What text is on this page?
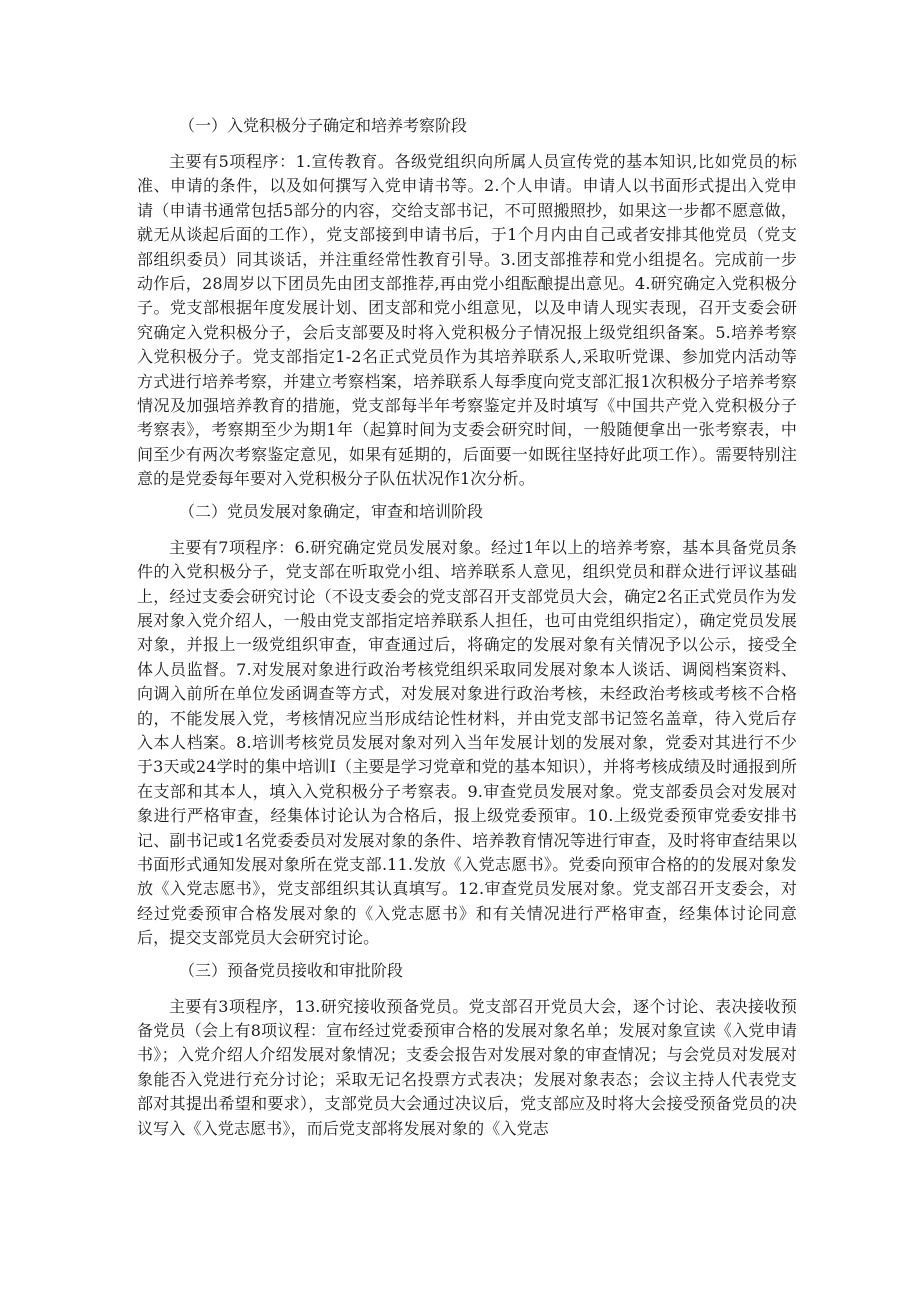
（一）入党积极分子确定和培养考察阶段

主要有5项程序：1.宣传教育。各级党组织向所属人员宣传党的基本知识,比如党员的标准、申请的条件，以及如何撰写入党申请书等。2.个人申请。申请人以书面形式提出入党申请（申请书通常包括5部分的内容，交给支部书记，不可照搬照抄，如果这一步都不愿意做，就无从谈起后面的工作），党支部接到申请书后，于1个月内由自己或者安排其他党员（党支部组织委员）同其谈话，并注重经常性教育引导。3.团支部推荐和党小组提名。完成前一步动作后，28周岁以下团员先由团支部推荐,再由党小组酝酿提出意见。4.研究确定入党积极分子。党支部根据年度发展计划、团支部和党小组意见，以及申请人现实表现，召开支委会研究确定入党积极分子，会后支部要及时将入党积极分子情况报上级党组织备案。5.培养考察入党积极分子。党支部指定1-2名正式党员作为其培养联系人,采取听党课、参加党内活动等方式进行培养考察，并建立考察档案，培养联系人每季度向党支部汇报1次积极分子培养考察情况及加强培养教育的措施，党支部每半年考察鉴定并及时填写《中国共产党入党积极分子考察表》，考察期至少为期1年（起算时间为支委会研究时间，一般随便拿出一张考察表，中间至少有两次考察鉴定意见，如果有延期的，后面要一如既往坚持好此项工作）。需要特别注意的是党委每年要对入党积极分子队伍状况作1次分析。

（二）党员发展对象确定，审查和培训阶段

主要有7项程序：6.研究确定党员发展对象。经过1年以上的培养考察，基本具备党员条件的入党积极分子，党支部在听取党小组、培养联系人意见，组织党员和群众进行评议基础上，经过支委会研究讨论（不设支委会的党支部召开支部党员大会，确定2名正式党员作为发展对象入党介绍人，一般由党支部指定培养联系人担任，也可由党组织指定），确定党员发展对象，并报上一级党组织审查，审查通过后，将确定的发展对象有关情况予以公示，接受全体人员监督。7.对发展对象进行政治考核党组织采取同发展对象本人谈话、调阅档案资料、向调入前所在单位发函调查等方式，对发展对象进行政治考核，未经政治考核或考核不合格的，不能发展入党，考核情况应当形成结论性材料，并由党支部书记签名盖章，待入党后存入本人档案。8.培训考核党员发展对象对列入当年发展计划的发展对象，党委对其进行不少于3天或24学时的集中培训Ⅰ（主要是学习党章和党的基本知识），并将考核成绩及时通报到所在支部和其本人，填入入党积极分子考察表。9.审查党员发展对象。党支部委员会对发展对象进行严格审查，经集体讨论认为合格后，报上级党委预审。10.上级党委预审党委安排书记、副书记或1名党委委员对发展对象的条件、培养教育情况等进行审查，及时将审查结果以书面形式通知发展对象所在党支部.11.发放《入党志愿书》。党委向预审合格的的发展对象发放《入党志愿书》，党支部组织其认真填写。12.审查党员发展对象。党支部召开支委会，对经过党委预审合格发展对象的《入党志愿书》和有关情况进行严格审查，经集体讨论同意后，提交支部党员大会研究讨论。

（三）预备党员接收和审批阶段

主要有3项程序，13.研究接收预备党员。党支部召开党员大会，逐个讨论、表决接收预备党员（会上有8项议程：宣布经过党委预审合格的发展对象名单；发展对象宣读《入党申请书》；入党介绍人介绍发展对象情况；支委会报告对发展对象的审查情况；与会党员对发展对象能否入党进行充分讨论；采取无记名投票方式表决；发展对象表态；会议主持人代表党支部对其提出希望和要求），支部党员大会通过决议后，党支部应及时将大会接受预备党员的决议写入《入党志愿书》，而后党支部将发展对象的《入党志
